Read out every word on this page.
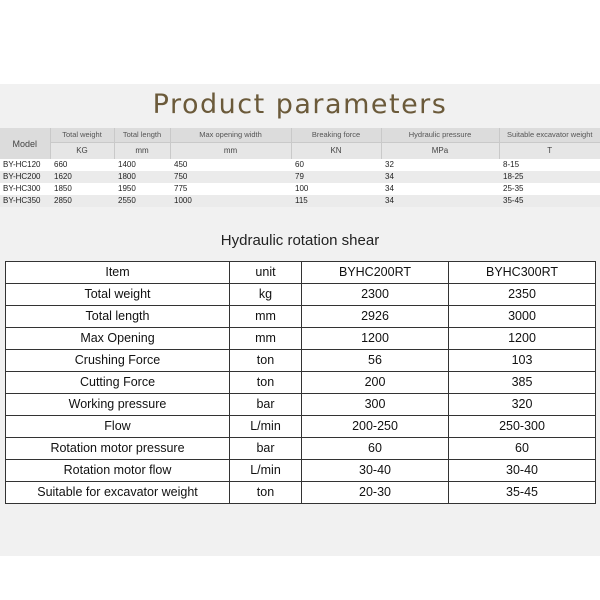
Product parameters
Model	Total weight	Total length	Max opening width	Breaking force	Hydraulic pressure	Suitable excavator weight
	KG	mm	mm	KN	MPa	T
BY-HC120	660	1400	450	60	32	8-15
BY-HC200	1620	1800	750	79	34	18-25
BY-HC300	1850	1950	775	100	34	25-35
BY-HC350	2850	2550	1000	115	34	35-45
Hydraulic rotation shear
Item	unit	BYHC200RT	BYHC300RT
Total weight	kg	2300	2350
Total length	mm	2926	3000
Max Opening	mm	1200	1200
Crushing Force	ton	56	103
Cutting Force	ton	200	385
Working pressure	bar	300	320
Flow	L/min	200-250	250-300
Rotation motor pressure	bar	60	60
Rotation motor flow	L/min	30-40	30-40
Suitable for excavator weight	ton	20-30	35-45
